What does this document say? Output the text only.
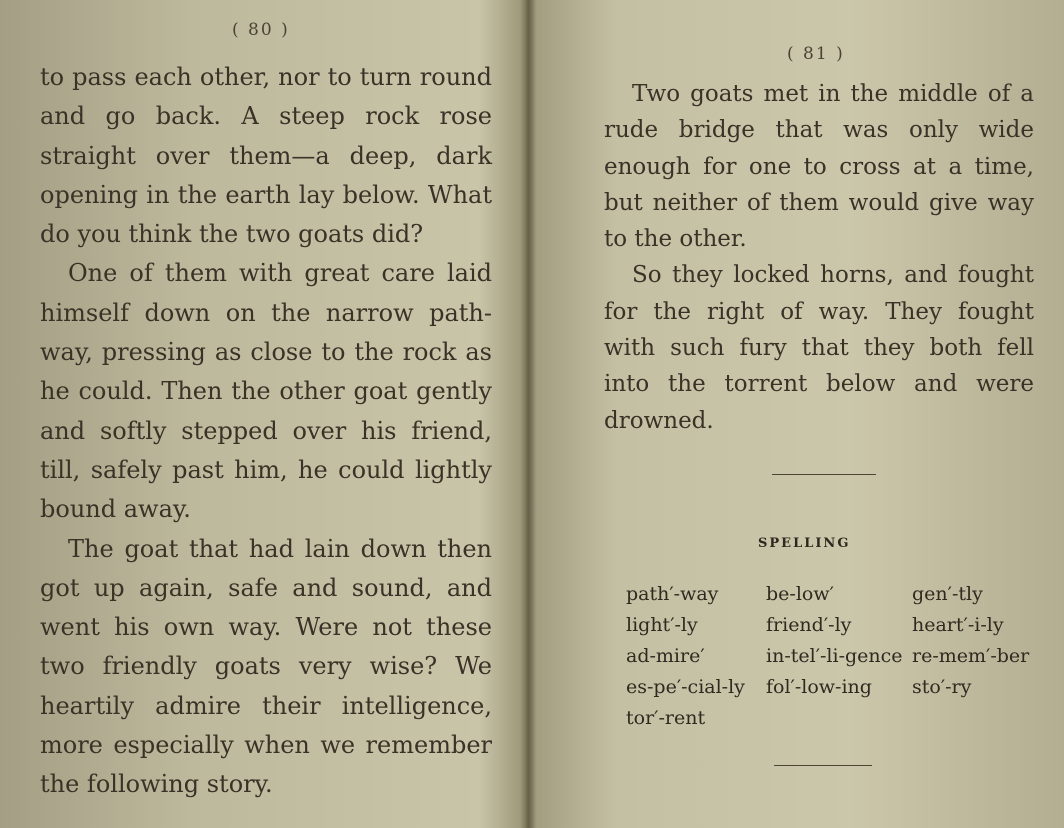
( 80 )

to pass each other, nor to turn round and go back. A steep rock rose straight over them—a deep, dark opening in the earth lay below. What do you think the two goats did?

One of them with great care laid himself down on the narrow path-way, pressing as close to the rock as he could. Then the other goat gently and softly stepped over his friend, till, safely past him, he could lightly bound away.

The goat that had lain down then got up again, safe and sound, and went his own way. Were not these two friendly goats very wise? We heartily admire their intelligence, more especially when we remember the following story.

( 81 )

Two goats met in the middle of a rude bridge that was only wide enough for one to cross at a time, but neither of them would give way to the other.

So they locked horns, and fought for the right of way. They fought with such fury that they both fell into the torrent below and were drowned.

SPELLING
path′-way	be-low′	gen′-tly
light′-ly	friend′-ly	heart′-i-ly
ad-mire′	in-tel′-li-gence re-mem′-ber
es-pe′-cial-ly	fol′-low-ing	sto′-ry
tor′-rent
